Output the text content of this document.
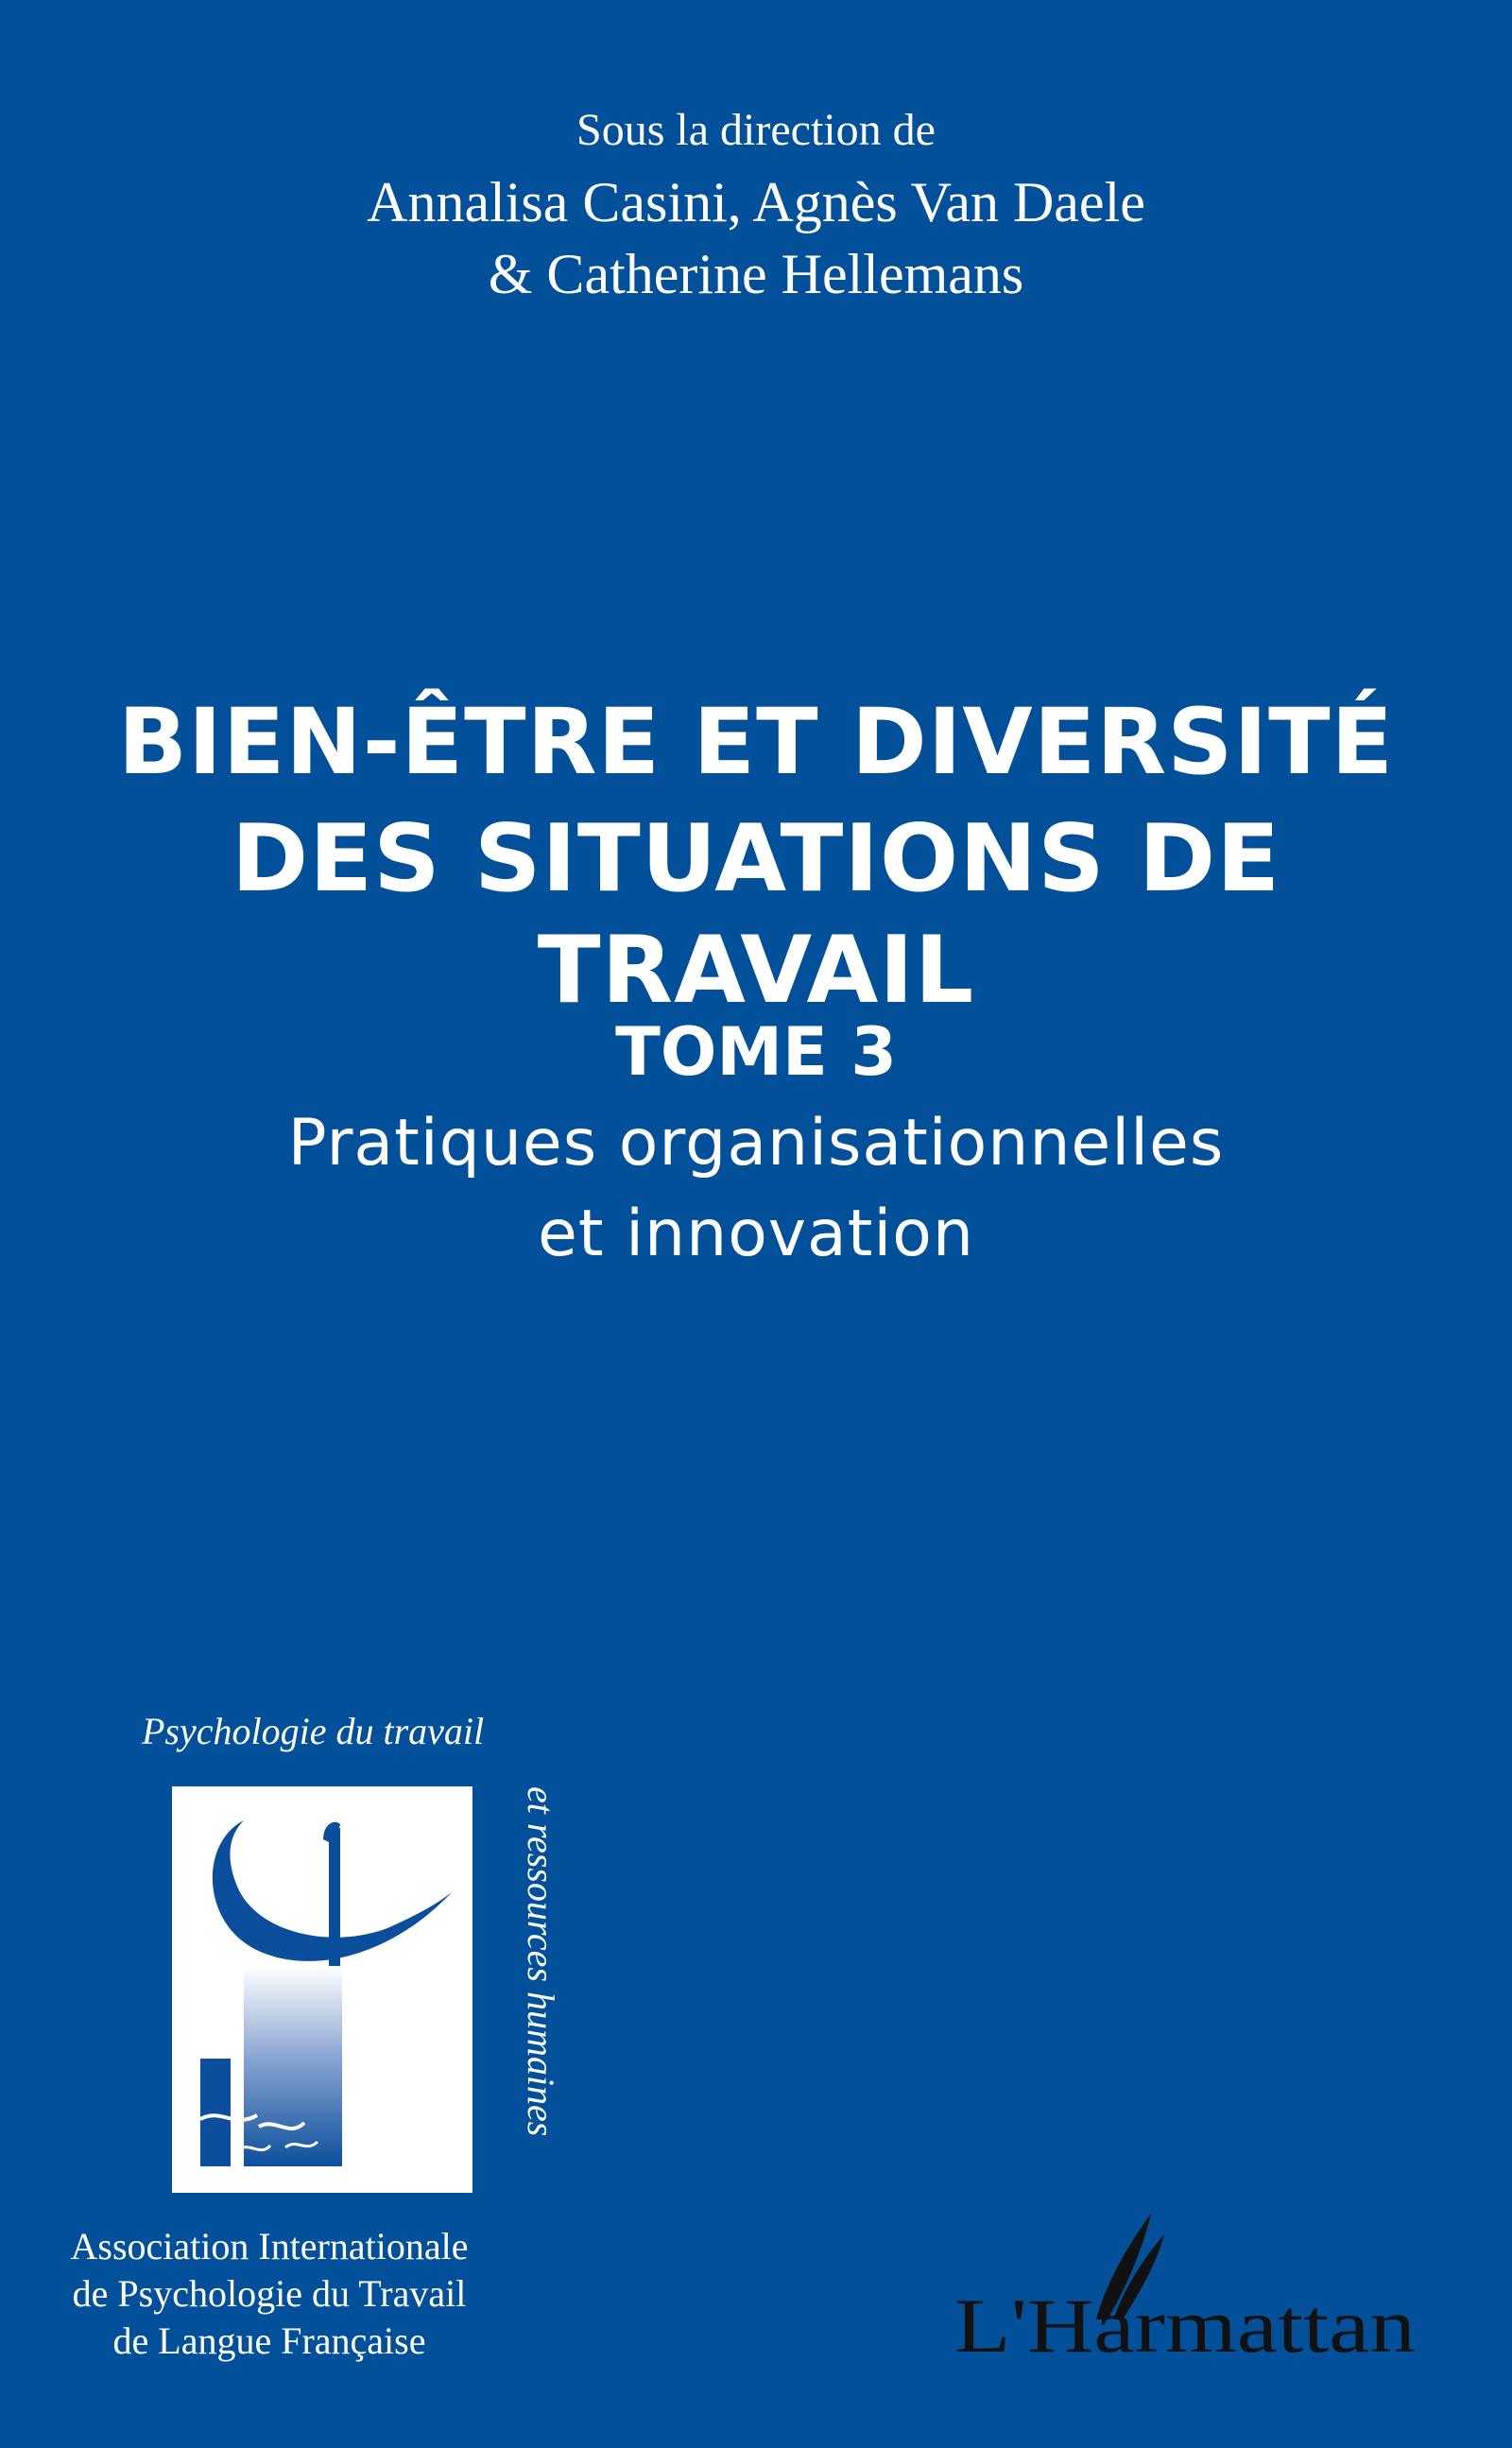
Sous la direction de
Annalisa Casini, Agnès Van Daele
& Catherine Hellemans
BIEN-ÊTRE ET DIVERSITÉ
DES SITUATIONS DE TRAVAIL
TOME 3
Pratiques organisationnelles
et innovation
Psychologie du travail
et ressources humaines
Association Internationale
de Psychologie du Travail
de Langue Française	L'Harmattan
